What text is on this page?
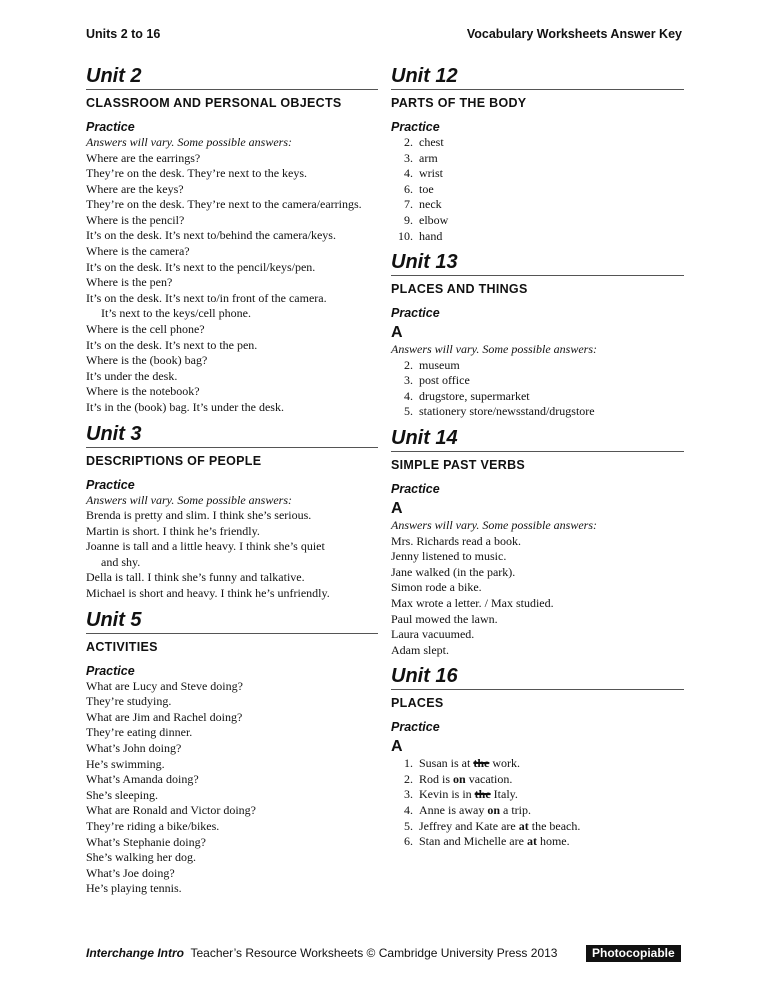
Units 2 to 16	Vocabulary Worksheets Answer Key
Unit 2
CLASSROOM AND PERSONAL OBJECTS
Practice
Answers will vary. Some possible answers:
Where are the earrings?
They’re on the desk. They’re next to the keys.
Where are the keys?
They’re on the desk. They’re next to the camera/earrings.
Where is the pencil?
It’s on the desk. It’s next to/behind the camera/keys.
Where is the camera?
It’s on the desk. It’s next to the pencil/keys/pen.
Where is the pen?
It’s on the desk. It’s next to/in front of the camera.
It’s next to the keys/cell phone.
Where is the cell phone?
It’s on the desk. It’s next to the pen.
Where is the (book) bag?
It’s under the desk.
Where is the notebook?
It’s in the (book) bag. It’s under the desk.
Unit 3
DESCRIPTIONS OF PEOPLE
Practice
Answers will vary. Some possible answers:
Brenda is pretty and slim. I think she’s serious.
Martin is short. I think he’s friendly.
Joanne is tall and a little heavy. I think she’s quiet
and shy.
Della is tall. I think she’s funny and talkative.
Michael is short and heavy. I think he’s unfriendly.
Unit 5
ACTIVITIES
Practice
What are Lucy and Steve doing?
They’re studying.
What are Jim and Rachel doing?
They’re eating dinner.
What’s John doing?
He’s swimming.
What’s Amanda doing?
She’s sleeping.
What are Ronald and Victor doing?
They’re riding a bike/bikes.
What’s Stephanie doing?
She’s walking her dog.
What’s Joe doing?
He’s playing tennis.
Unit 12
PARTS OF THE BODY
Practice
2. chest
3. arm
4. wrist
6. toe
7. neck
9. elbow
10. hand
Unit 13
PLACES AND THINGS
Practice
A
Answers will vary. Some possible answers:
2. museum
3. post office
4. drugstore, supermarket
5. stationery store/newsstand/drugstore
Unit 14
SIMPLE PAST VERBS
Practice
A
Answers will vary. Some possible answers:
Mrs. Richards read a book.
Jenny listened to music.
Jane walked (in the park).
Simon rode a bike.
Max wrote a letter. / Max studied.
Paul mowed the lawn.
Laura vacuumed.
Adam slept.
Unit 16
PLACES
Practice
A
1. Susan is at the work.
2. Rod is on vacation.
3. Kevin is in the Italy.
4. Anne is away on a trip.
5. Jeffrey and Kate are at the beach.
6. Stan and Michelle are at home.
Interchange Intro Teacher’s Resource Worksheets © Cambridge University Press 2013	Photocopiable
